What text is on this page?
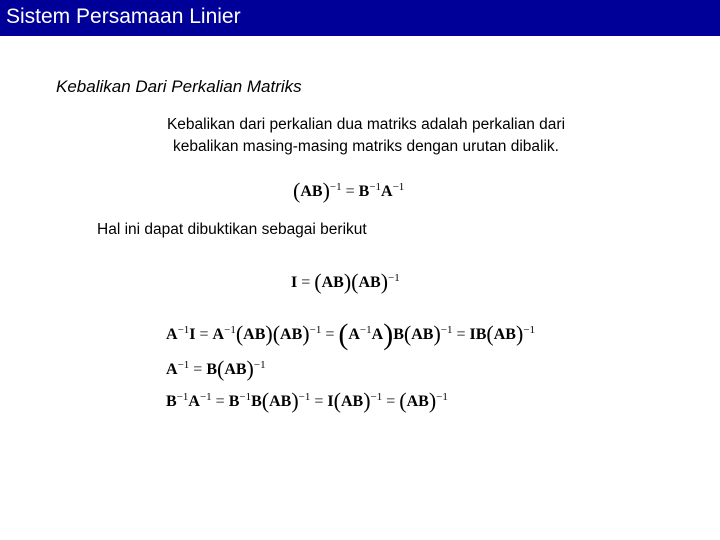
Sistem Persamaan Linier
Kebalikan Dari Perkalian Matriks
Kebalikan dari perkalian dua matriks adalah perkalian dari
kebalikan masing-masing matriks dengan urutan dibalik.
$(AB)^{-1} = B^{-1}A^{-1}$
Hal ini dapat dibuktikan sebagai berikut
I = (AB)(AB)$^{-1}$
$A^{-1}I = A^{-1}(AB)(AB)^{-1} = (A^{-1}A)B(AB)^{-1} = IB(AB)^{-1}$
$A^{-1} = B(AB)^{-1}$
$B^{-1}A^{-1} = B^{-1}B(AB)^{-1} = I(AB)^{-1} = (AB)^{-1}$
